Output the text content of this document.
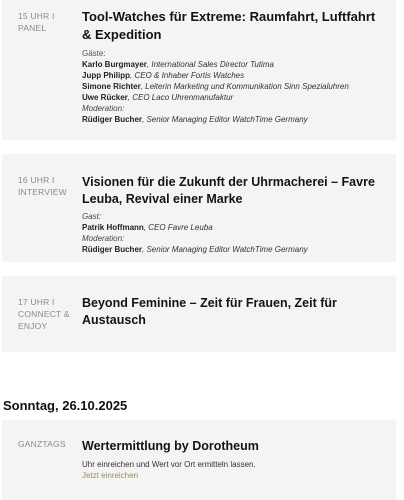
15 UHR I PANEL

Tool-Watches für Extreme: Raumfahrt, Luftfahrt & Expedition

Gäste:
Karlo Burgmayer, International Sales Director Tutima
Jupp Philipp, CEO & Inhaber Fortis Watches
Simone Richter, Leiterin Marketing und Kommunikation Sinn Spezialuhren
Uwe Rücker, CEO Laco Uhrenmanufaktur
Moderation:
Rüdiger Bucher, Senior Managing Editor WatchTime Germany
16 UHR I INTERVIEW

Visionen für die Zukunft der Uhrmacherei – Favre Leuba, Revival einer Marke

Gast:
Patrik Hoffmann, CEO Favre Leuba
Moderation:
Rüdiger Bucher, Senior Managing Editor WatchTime Germany
17 UHR I CONNECT & ENJOY

Beyond Feminine – Zeit für Frauen, Zeit für Austausch

Sonntag, 26.10.2025
GANZTAGS	Wertermittlung by Dorotheum

Uhr einreichen und Wert vor Ort ermitteln lassen.
Jetzt einreichen
